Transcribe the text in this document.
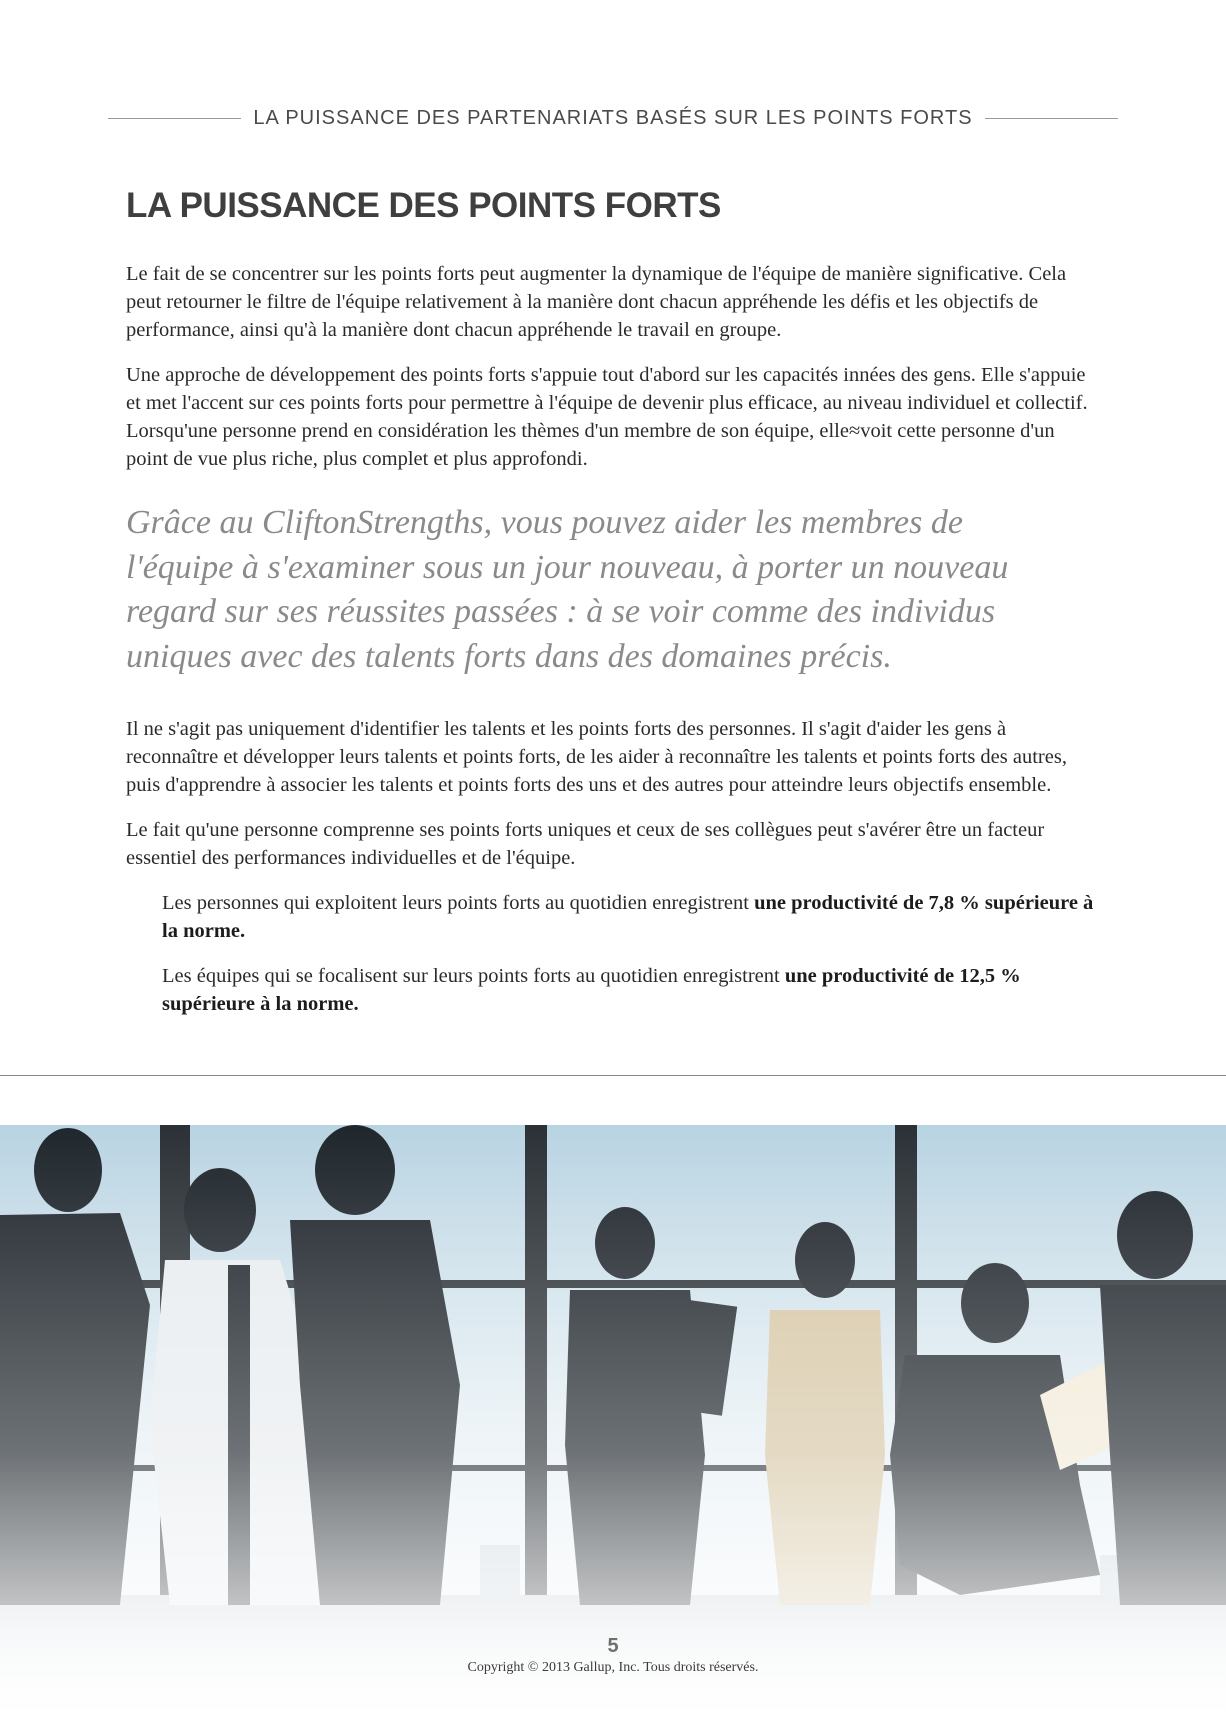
LA PUISSANCE DES PARTENARIATS BASÉS SUR LES POINTS FORTS
LA PUISSANCE DES POINTS FORTS

Le fait de se concentrer sur les points forts peut augmenter la dynamique de l'équipe de manière significative. Cela peut retourner le filtre de l'équipe relativement à la manière dont chacun appréhende les défis et les objectifs de performance, ainsi qu'à la manière dont chacun appréhende le travail en groupe.

Une approche de développement des points forts s'appuie tout d'abord sur les capacités innées des gens. Elle s'appuie et met l'accent sur ces points forts pour permettre à l'équipe de devenir plus efficace, au niveau individuel et collectif. Lorsqu'une personne prend en considération les thèmes d'un membre de son équipe, elle≈voit cette personne d'un point de vue plus riche, plus complet et plus approfondi.

Grâce au CliftonStrengths, vous pouvez aider les membres de l'équipe à s'examiner sous un jour nouveau, à porter un nouveau regard sur ses réussites passées : à se voir comme des individus uniques avec des talents forts dans des domaines précis.

Il ne s'agit pas uniquement d'identifier les talents et les points forts des personnes. Il s'agit d'aider les gens à reconnaître et développer leurs talents et points forts, de les aider à reconnaître les talents et points forts des autres, puis d'apprendre à associer les talents et points forts des uns et des autres pour atteindre leurs objectifs ensemble.

Le fait qu'une personne comprenne ses points forts uniques et ceux de ses collègues peut s'avérer être un facteur essentiel des performances individuelles et de l'équipe.

Les personnes qui exploitent leurs points forts au quotidien enregistrent une productivité de 7,8 % supérieure à la norme.

Les équipes qui se focalisent sur leurs points forts au quotidien enregistrent une productivité de 12,5 % supérieure à la norme.

5
Copyright © 2013 Gallup, Inc. Tous droits réservés.
